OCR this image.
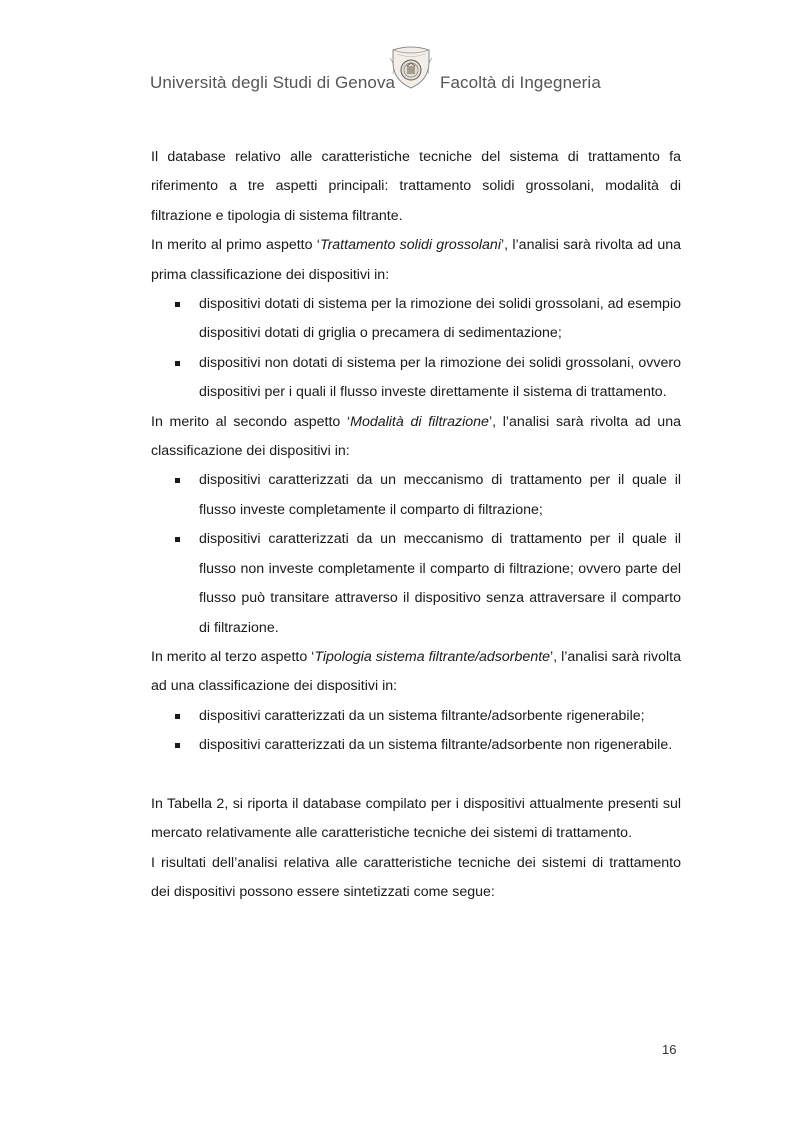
Università degli Studi di Genova	Facoltà di Ingegneria

Il database relativo alle caratteristiche tecniche del sistema di trattamento fa riferimento a tre aspetti principali: trattamento solidi grossolani, modalità di filtrazione e tipologia di sistema filtrante.

In merito al primo aspetto ‘Trattamento solidi grossolani’, l’analisi sarà rivolta ad una prima classificazione dei dispositivi in:

dispositivi dotati di sistema per la rimozione dei solidi grossolani, ad esempio dispositivi dotati di griglia o precamera di sedimentazione;
dispositivi non dotati di sistema per la rimozione dei solidi grossolani, ovvero dispositivi per i quali il flusso investe direttamente il sistema di trattamento.

In merito al secondo aspetto ‘Modalità di filtrazione’, l’analisi sarà rivolta ad una classificazione dei dispositivi in:

dispositivi caratterizzati da un meccanismo di trattamento per il quale il flusso investe completamente il comparto di filtrazione;
dispositivi caratterizzati da un meccanismo di trattamento per il quale il flusso non investe completamente il comparto di filtrazione; ovvero parte del flusso può transitare attraverso il dispositivo senza attraversare il comparto di filtrazione.

In merito al terzo aspetto ‘Tipologia sistema filtrante/adsorbente’, l’analisi sarà rivolta ad una classificazione dei dispositivi in:

dispositivi caratterizzati da un sistema filtrante/adsorbente rigenerabile;
dispositivi caratterizzati da un sistema filtrante/adsorbente non rigenerabile.

In Tabella 2, si riporta il database compilato per i dispositivi attualmente presenti sul mercato relativamente alle caratteristiche tecniche dei sistemi di trattamento.

I risultati dell’analisi relativa alle caratteristiche tecniche dei sistemi di trattamento dei dispositivi possono essere sintetizzati come segue:

16
